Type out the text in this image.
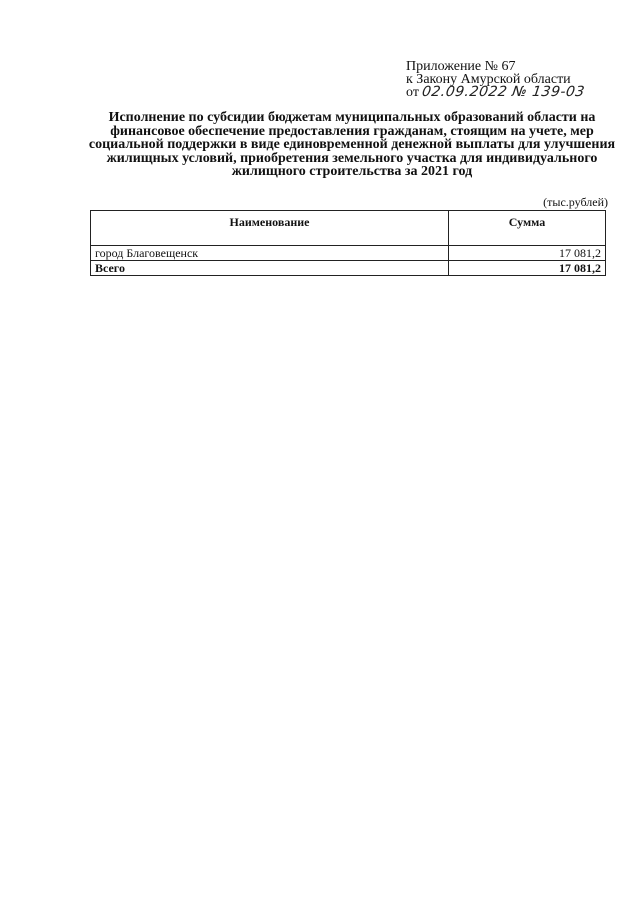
Приложение № 67
к Закону Амурской области
от 02.09.2022 № 139-03
Исполнение по субсидии бюджетам муниципальных образований области на финансовое обеспечение предоставления гражданам, стоящим на учете, мер социальной поддержки в виде единовременной денежной выплаты для улучшения жилищных условий, приобретения земельного участка для индивидуального жилищного строительства за 2021 год
(тыс.рублей)
Наименование	Сумма
город Благовещенск	17 081,2
Всего	17 081,2
